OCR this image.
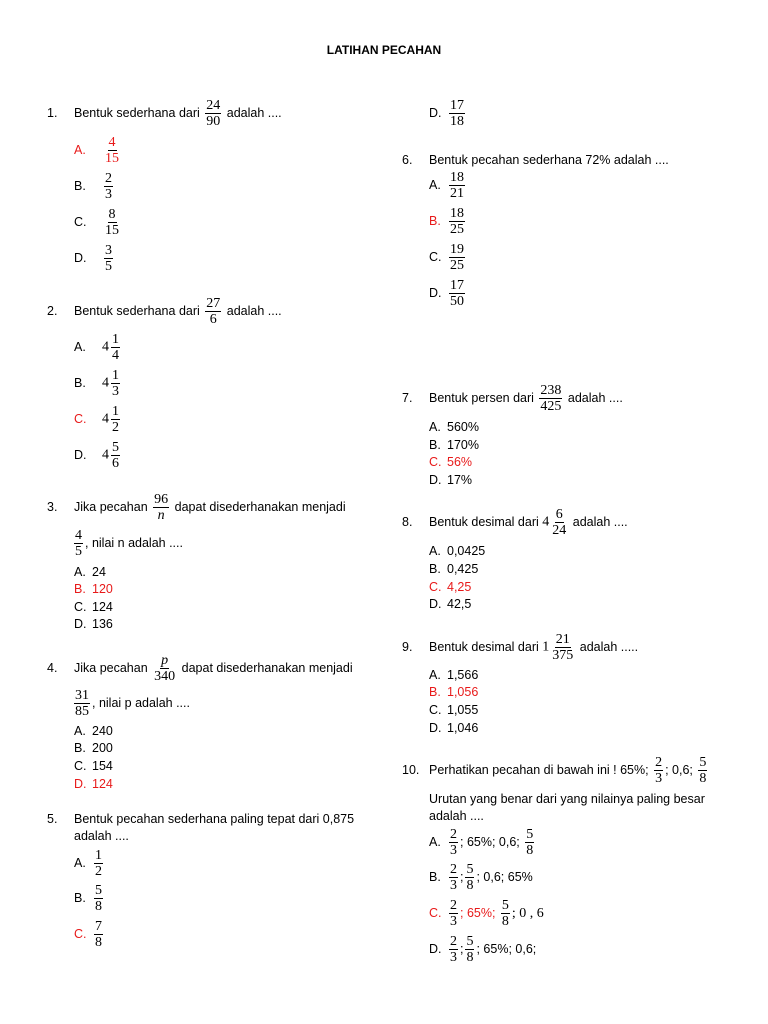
LATIHAN PECAHAN
1. Bentuk sederhana dari $\frac{24}{90}$ adalah ....
A. $\frac{4}{15}$
B. $\frac{2}{3}$
C. $\frac{8}{15}$
D. $\frac{3}{5}$
2. Bentuk sederhana dari $\frac{27}{6}$ adalah ....
A. $4 \frac{1}{4}$
B. $4 \frac{1}{3}$
C. $4 \frac{1}{2}$
D. $4 \frac{5}{6}$
3. Jika pecahan $\frac{96}{n}$ dapat disederhanakan menjadi
$\frac{4}{5}$ , nilai n adalah ....
A. 24
B. 120
C. 124
D. 136
4. Jika pecahan $\frac{p}{340}$ dapat disederhanakan menjadi
$\frac{31}{85}$ , nilai p adalah ....
A. 240
B. 200
C. 154
D. 124
5. Bentuk pecahan sederhana paling tepat dari 0,875
adalah ....
A. $\frac{1}{2}$
B. $\frac{5}{8}$
C. $\frac{7}{8}$
D. $\frac{17}{18}$
6. Bentuk pecahan sederhana 72% adalah ....
A. $\frac{18}{21}$
B. $\frac{18}{25}$
C. $\frac{19}{25}$
D. $\frac{17}{50}$
7. Bentuk persen dari $\frac{238}{425}$ adalah ....
A. 560%
B. 170%
C. 56%
D. 17%
8. Bentuk desimal dari $4 \frac{6}{24}$ adalah ....
A. 0,0425
B. 0,425
C. 4,25
D. 42,5
9. Bentuk desimal dari $1 \frac{21}{375}$ adalah .....
A. 1,566
B. 1,056
C. 1,055
D. 1,046
10. Perhatikan pecahan di bawah ini ! 65%; $\frac{2}{3}$ ; 0,6; $\frac{5}{8}$
Urutan yang benar dari yang nilainya paling besar
adalah ....
A. $\frac{2}{3}$ ; 65%; 0,6; $\frac{5}{8}$
B. $\frac{2}{3}$ ; $\frac{5}{8}$ ; 0,6; 65%
C. $\frac{2}{3}$ ; 65%; $\frac{5}{8}$ ; 0 , 6
D. $\frac{2}{3}$ ; $\frac{5}{8}$ ; 65%; 0,6;
